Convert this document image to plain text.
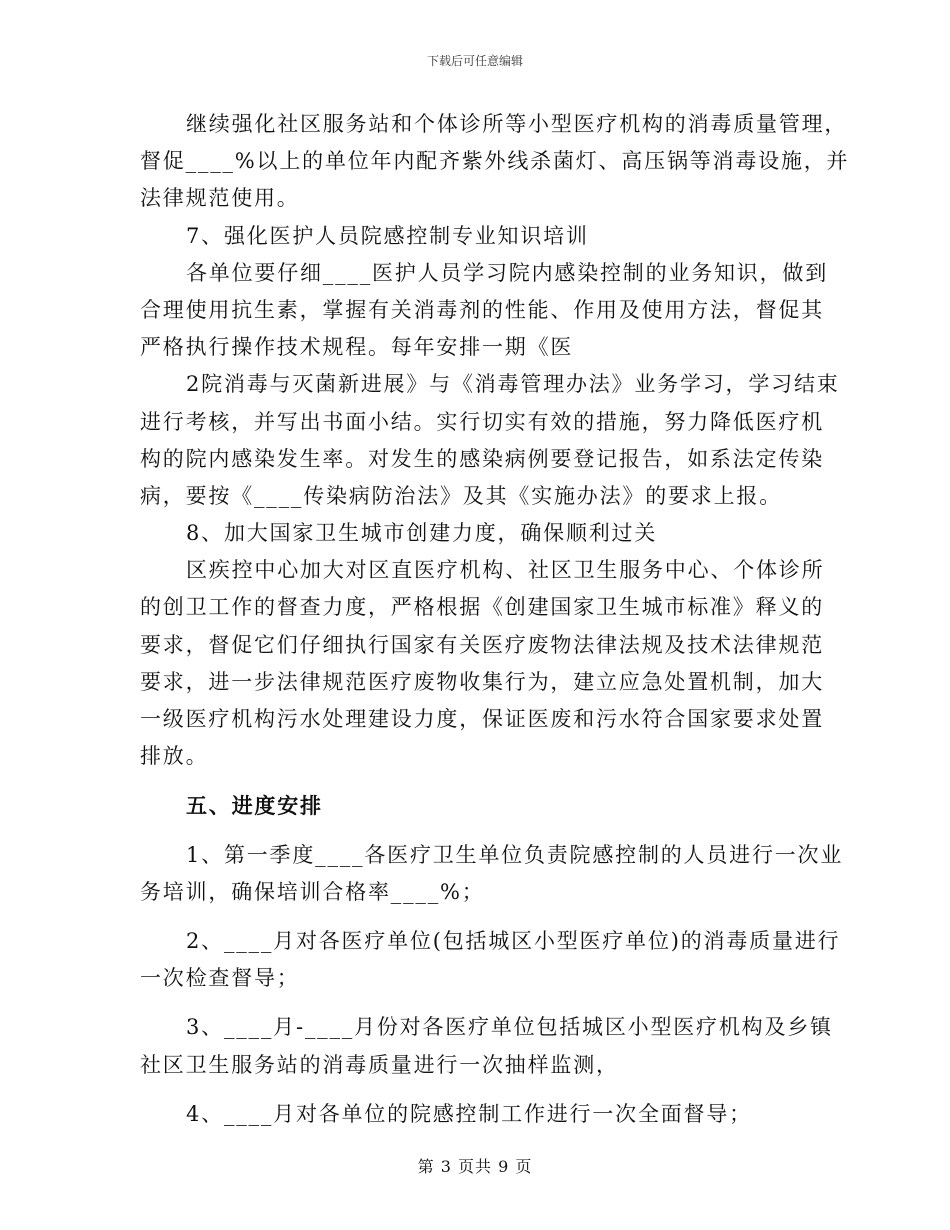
下载后可任意编辑
继续强化社区服务站和个体诊所等小型医疗机构的消毒质量管理，
督促____%以上的单位年内配齐紫外线杀菌灯、高压锅等消毒设施，并
法律规范使用。
7、强化医护人员院感控制专业知识培训
各单位要仔细____医护人员学习院内感染控制的业务知识，做到
合理使用抗生素，掌握有关消毒剂的性能、作用及使用方法，督促其
严格执行操作技术规程。每年安排一期《医
2院消毒与灭菌新进展》与《消毒管理办法》业务学习，学习结束
进行考核，并写出书面小结。实行切实有效的措施，努力降低医疗机
构的院内感染发生率。对发生的感染病例要登记报告，如系法定传染
病，要按《____传染病防治法》及其《实施办法》的要求上报。
8、加大国家卫生城市创建力度，确保顺利过关
区疾控中心加大对区直医疗机构、社区卫生服务中心、个体诊所
的创卫工作的督查力度，严格根据《创建国家卫生城市标准》释义的
要求，督促它们仔细执行国家有关医疗废物法律法规及技术法律规范
要求，进一步法律规范医疗废物收集行为，建立应急处置机制，加大
一级医疗机构污水处理建设力度，保证医废和污水符合国家要求处置
排放。
五、进度安排
1、第一季度____各医疗卫生单位负责院感控制的人员进行一次业
务培训，确保培训合格率____%；
2、____月对各医疗单位(包括城区小型医疗单位)的消毒质量进行
一次检查督导；
3、____月-____月份对各医疗单位包括城区小型医疗机构及乡镇
社区卫生服务站的消毒质量进行一次抽样监测，
4、____月对各单位的院感控制工作进行一次全面督导；
第 3 页共 9 页
